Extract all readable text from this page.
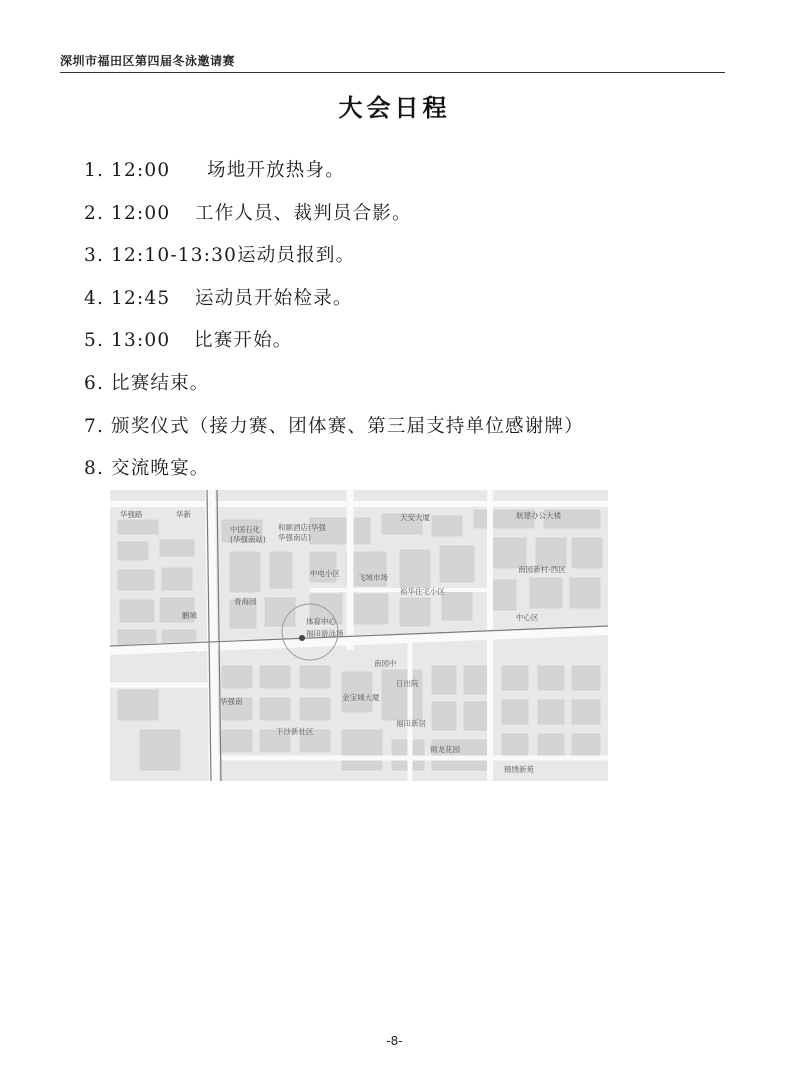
深圳市福田区第四届冬泳邀请赛
大会日程
1. 12:00 场地开放热身。
2. 12:00 工作人员、裁判员合影。
3. 12:10-13:30运动员报到。
4. 12:45 运动员开始检录。
5. 13:00 比赛开始。
6. 比赛结束。
7. 颁奖仪式（接力赛、团体赛、第三届支持单位感谢牌）
8. 交流晚宴。
华强路	华新
中国石化
(华强南站)
和颐酒店(华强
华强南店)
天安大厦	航建办公大楼
中电小区 飞域市场
南园新村-西区
青海园
裕华住宅小区
鹏城
体育中心
福田游泳场
南园中
中心区
华强南	金宝城大厦
日出院
福田新居
下沙新社区
锦龙花园
锦绣新苑
-8-
